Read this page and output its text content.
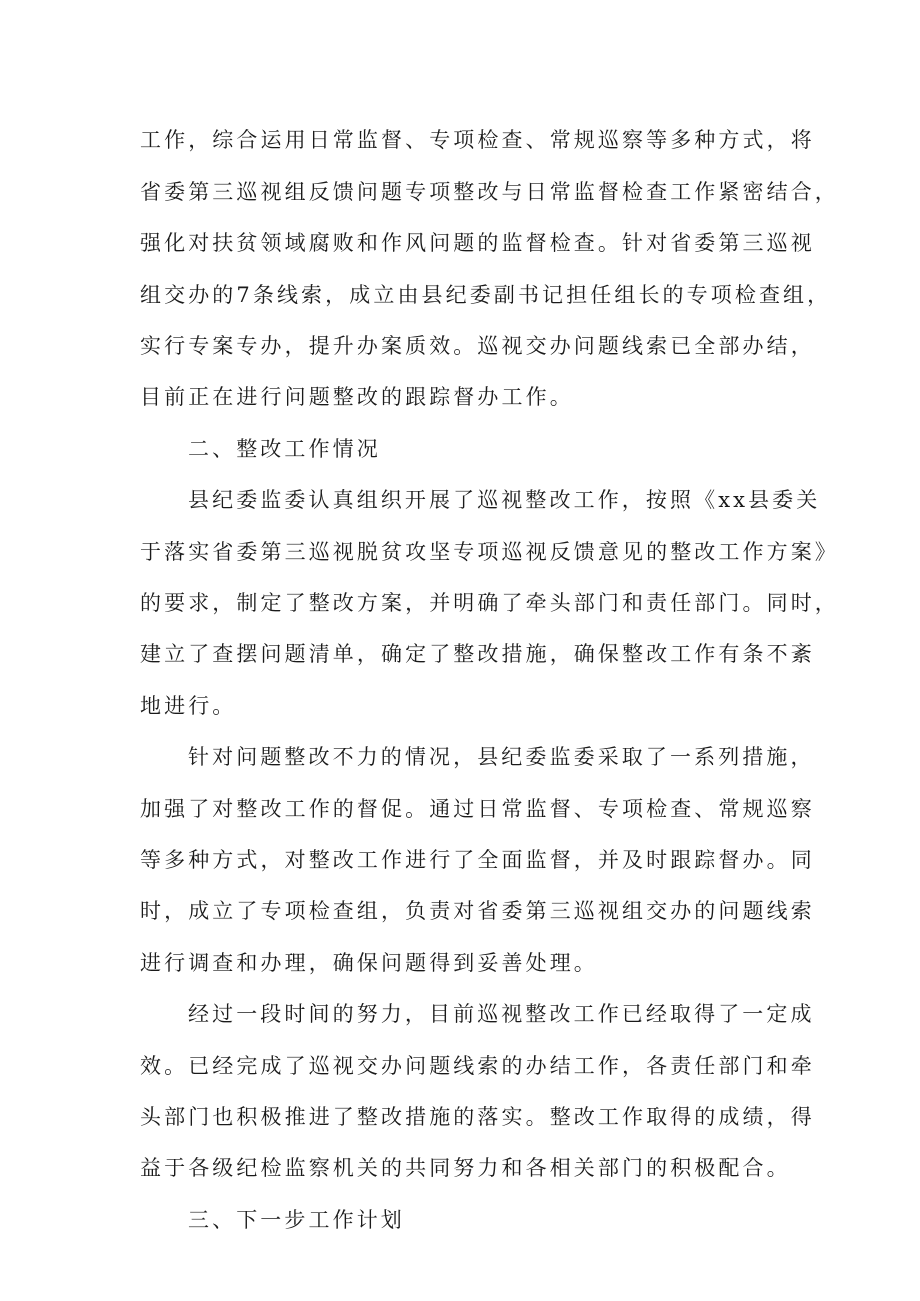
工作，综合运用日常监督、专项检查、常规巡察等多种方式，将

省委第三巡视组反馈问题专项整改与日常监督检查工作紧密结合，

强化对扶贫领域腐败和作风问题的监督检查。针对省委第三巡视

组交办的7条线索，成立由县纪委副书记担任组长的专项检查组，

实行专案专办，提升办案质效。巡视交办问题线索已全部办结，

目前正在进行问题整改的跟踪督办工作。

二、整改工作情况

县纪委监委认真组织开展了巡视整改工作，按照《xx县委关

于落实省委第三巡视脱贫攻坚专项巡视反馈意见的整改工作方案》

的要求，制定了整改方案，并明确了牵头部门和责任部门。同时，

建立了查摆问题清单，确定了整改措施，确保整改工作有条不紊

地进行。

针对问题整改不力的情况，县纪委监委采取了一系列措施，

加强了对整改工作的督促。通过日常监督、专项检查、常规巡察

等多种方式，对整改工作进行了全面监督，并及时跟踪督办。同

时，成立了专项检查组，负责对省委第三巡视组交办的问题线索

进行调查和办理，确保问题得到妥善处理。

经过一段时间的努力，目前巡视整改工作已经取得了一定成

效。已经完成了巡视交办问题线索的办结工作，各责任部门和牵

头部门也积极推进了整改措施的落实。整改工作取得的成绩，得

益于各级纪检监察机关的共同努力和各相关部门的积极配合。

三、下一步工作计划
